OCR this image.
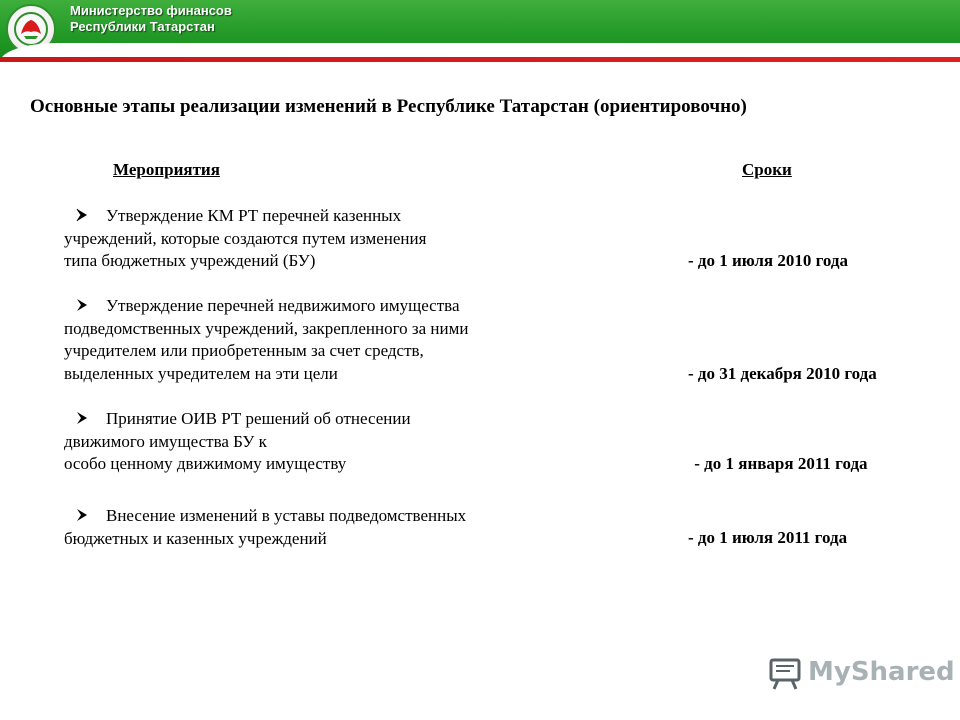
Министерство финансов
Республики Татарстан
Основные этапы реализации изменений в Республике Татарстан (ориентировочно)
Мероприятия	Сроки
Утверждение КМ РТ перечней казенных
учреждений, которые создаются путем изменения
типа бюджетных учреждений (БУ)	- до 1 июля 2010 года
Утверждение перечней недвижимого имущества
подведомственных учреждений, закрепленного за ними
учредителем или приобретенным за счет средств,
выделенных учредителем на эти цели	- до 31 декабря 2010 года
Принятие ОИВ РТ решений об отнесении
движимого имущества БУ к
особо ценному движимому имуществу	- до 1 января 2011 года
Внесение изменений в уставы подведомственных
бюджетных и казенных учреждений	- до 1 июля 2011 года
MyShared
